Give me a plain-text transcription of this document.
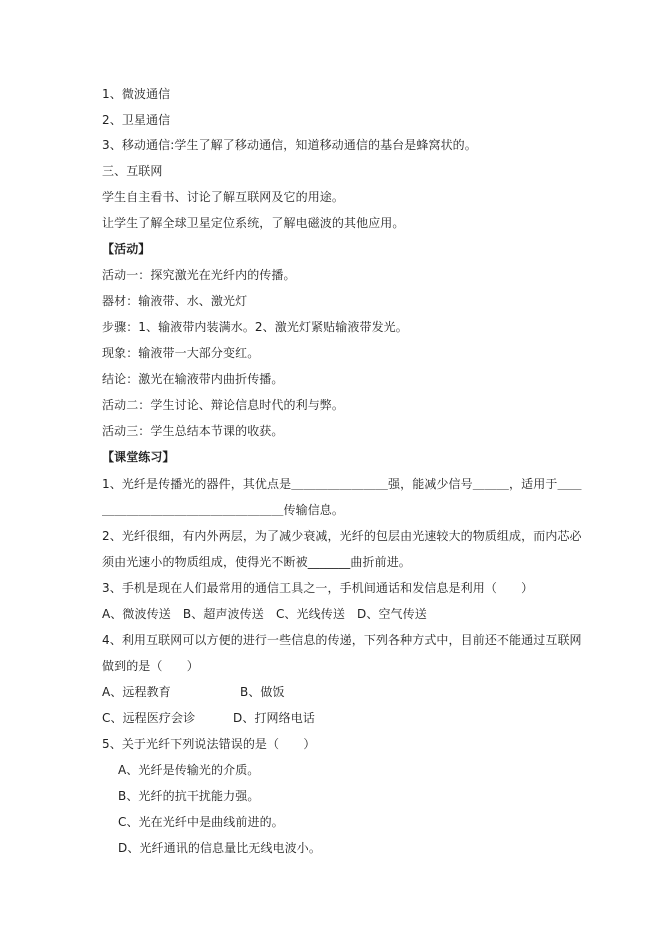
1、微波通信
2、卫星通信
3、移动通信:学生了解了移动通信，知道移动通信的基台是蜂窝状的。
三、互联网
学生自主看书、讨论了解互联网及它的用途。
让学生了解全球卫星定位系统，了解电磁波的其他应用。
【活动】
活动一：探究激光在光纤内的传播。
器材：输液带、水、激光灯
步骤：1、输液带内装满水。2、激光灯紧贴输液带发光。
现象：输液带一大部分变红。
结论：激光在输液带内曲折传播。
活动二：学生讨论、辩论信息时代的利与弊。
活动三：学生总结本节课的收获。
【课堂练习】
1、光纤是传播光的器件，其优点是＿＿＿＿＿＿＿＿强，能减少信号＿＿＿，适用于＿＿
＿＿＿＿＿＿＿＿＿＿＿＿＿＿＿传输信息。
2、光纤很细，有内外两层，为了减少衰减，光纤的包层由光速较大的物质组成，而内芯必
须由光速小的物质组成，使得光不断被_______曲折前进。
3、手机是现在人们最常用的通信工具之一，手机间通话和发信息是利用（　　）
A、微波传送　B、超声波传送　C、光线传送　D、空气传送
4、利用互联网可以方便的进行一些信息的传递，下列各种方式中，目前还不能通过互联网
做到的是（　　）
A、远程教育	B、做饭
C、远程医疗会诊	D、打网络电话
5、关于光纤下列说法错误的是（　　）
A、光纤是传输光的介质。
B、光纤的抗干扰能力强。
C、光在光纤中是曲线前进的。
D、光纤通讯的信息量比无线电波小。
